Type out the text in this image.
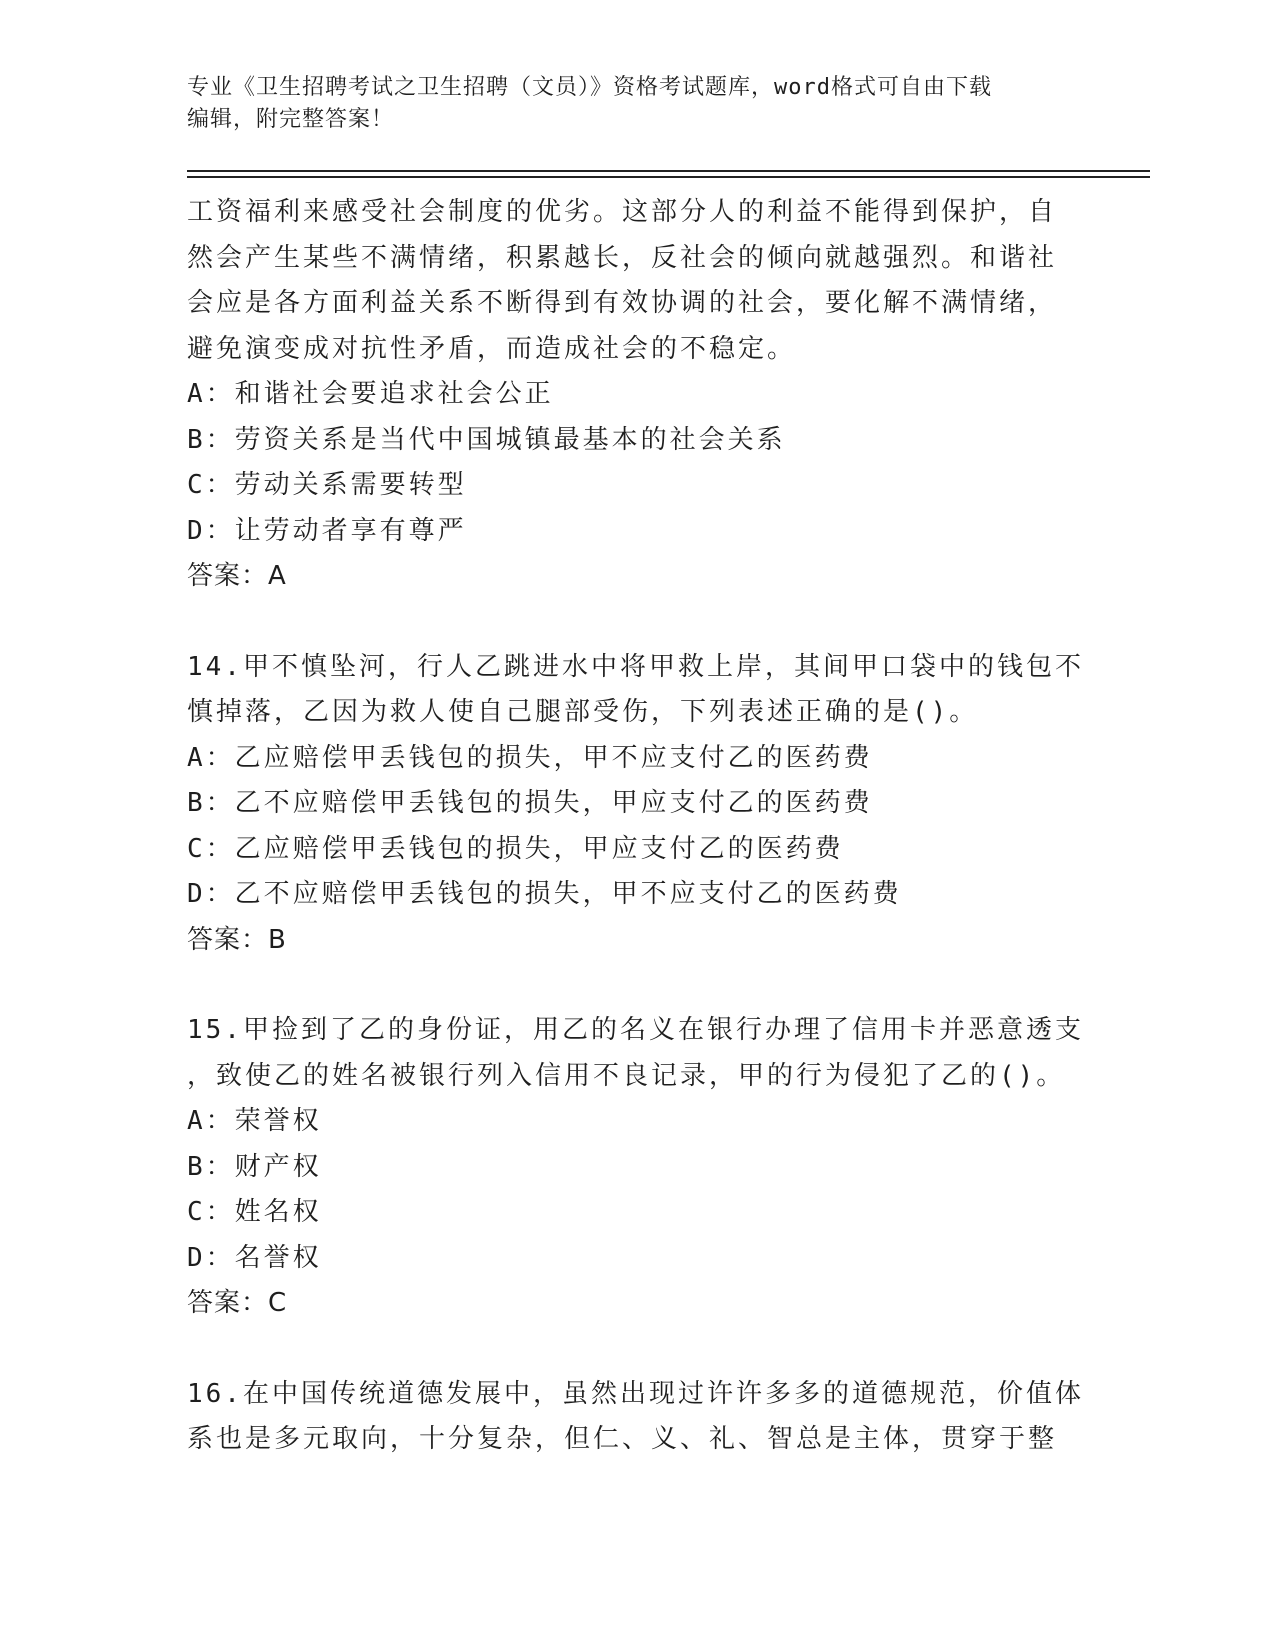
专业《卫生招聘考试之卫生招聘（文员）》资格考试题库，word格式可自由下载
编辑，附完整答案！
工资福利来感受社会制度的优劣。这部分人的利益不能得到保护，自
然会产生某些不满情绪，积累越长，反社会的倾向就越强烈。和谐社
会应是各方面利益关系不断得到有效协调的社会，要化解不满情绪，
避免演变成对抗性矛盾，而造成社会的不稳定。
A：和谐社会要追求社会公正
B：劳资关系是当代中国城镇最基本的社会关系
C：劳动关系需要转型
D：让劳动者享有尊严
答案：A
14.甲不慎坠河，行人乙跳进水中将甲救上岸，其间甲口袋中的钱包不
慎掉落，乙因为救人使自己腿部受伤，下列表述正确的是()。
A：乙应赔偿甲丢钱包的损失，甲不应支付乙的医药费
B：乙不应赔偿甲丢钱包的损失，甲应支付乙的医药费
C：乙应赔偿甲丢钱包的损失，甲应支付乙的医药费
D：乙不应赔偿甲丢钱包的损失，甲不应支付乙的医药费
答案：B
15.甲捡到了乙的身份证，用乙的名义在银行办理了信用卡并恶意透支
，致使乙的姓名被银行列入信用不良记录，甲的行为侵犯了乙的()。
A：荣誉权
B：财产权
C：姓名权
D：名誉权
答案：C
16.在中国传统道德发展中，虽然出现过许许多多的道德规范，价值体
系也是多元取向，十分复杂，但仁、义、礼、智总是主体，贯穿于整
